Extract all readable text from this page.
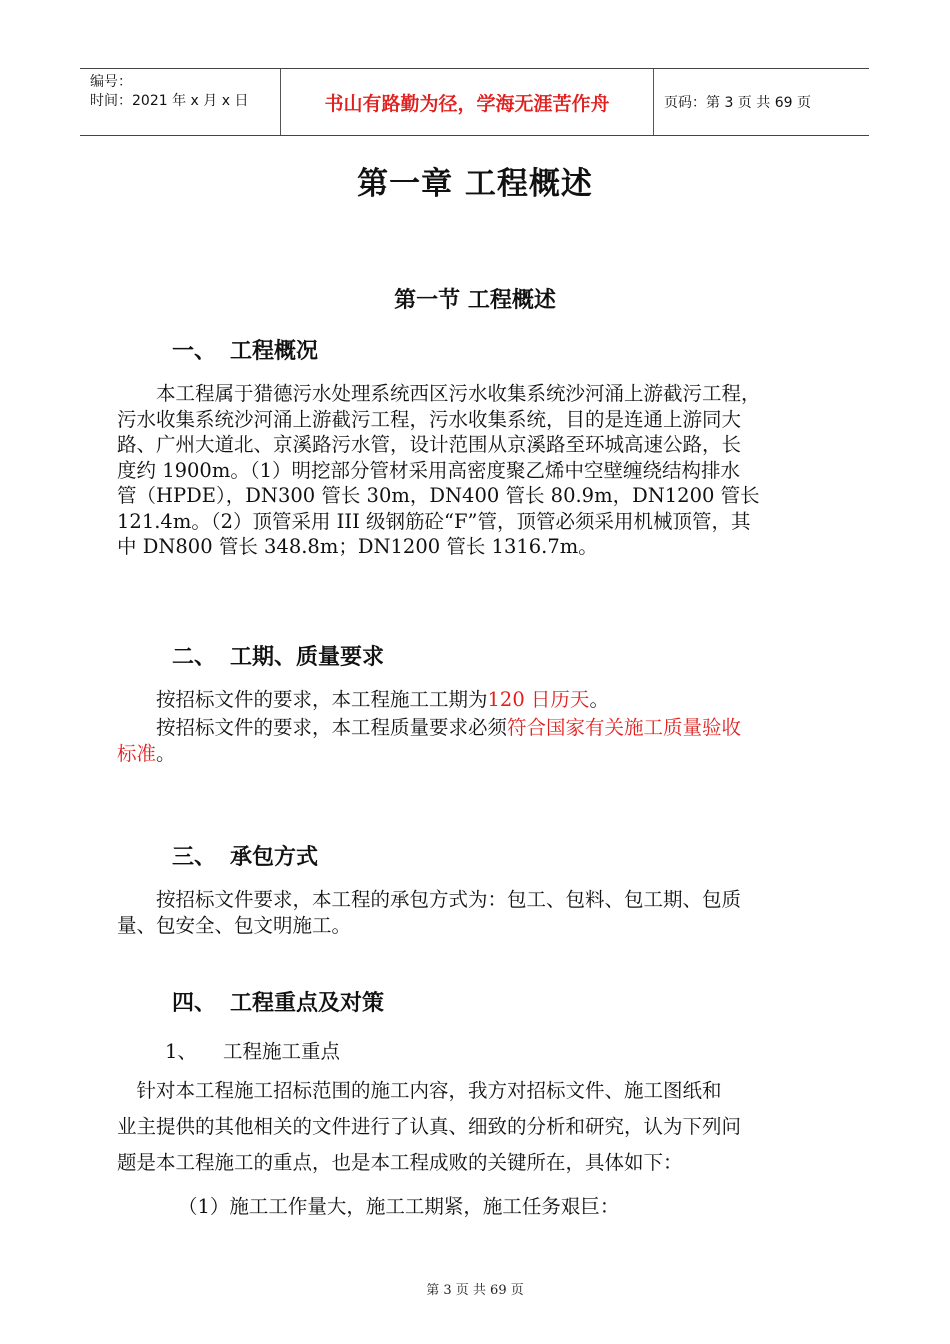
编号：
时间：2021 年 x 月 x 日	书山有路勤为径，学海无涯苦作舟	页码：第 3 页 共 69 页
第一章 工程概述
第一节 工程概述
一、 工程概况
　　本工程属于猎德污水处理系统西区污水收集系统沙河涌上游截污工程，
污水收集系统沙河涌上游截污工程，污水收集系统，目的是连通上游同大
路、广州大道北、京溪路污水管，设计范围从京溪路至环城高速公路，长
度约 1900m。（1）明挖部分管材采用高密度聚乙烯中空壁缠绕结构排水
管（HPDE），DN300 管长 30m，DN400 管长 80.9m，DN1200 管长
121.4m。（2）顶管采用 III 级钢筋砼“F”管，顶管必须采用机械顶管，其
中 DN800 管长 348.8m；DN1200 管长 1316.7m。
二、 工期、质量要求
　　按招标文件的要求，本工程施工工期为120 日历天。
　　按招标文件的要求，本工程质量要求必须符合国家有关施工质量验收
标准。
三、 承包方式
　　按招标文件要求，本工程的承包方式为：包工、包料、包工期、包质
量、包安全、包文明施工。
四、 工程重点及对策
1、 工程施工重点
　针对本工程施工招标范围的施工内容，我方对招标文件、施工图纸和
业主提供的其他相关的文件进行了认真、细致的分析和研究，认为下列问
题是本工程施工的重点，也是本工程成败的关键所在，具体如下：
（1）施工工作量大，施工工期紧，施工任务艰巨：
第 3 页 共 69 页
